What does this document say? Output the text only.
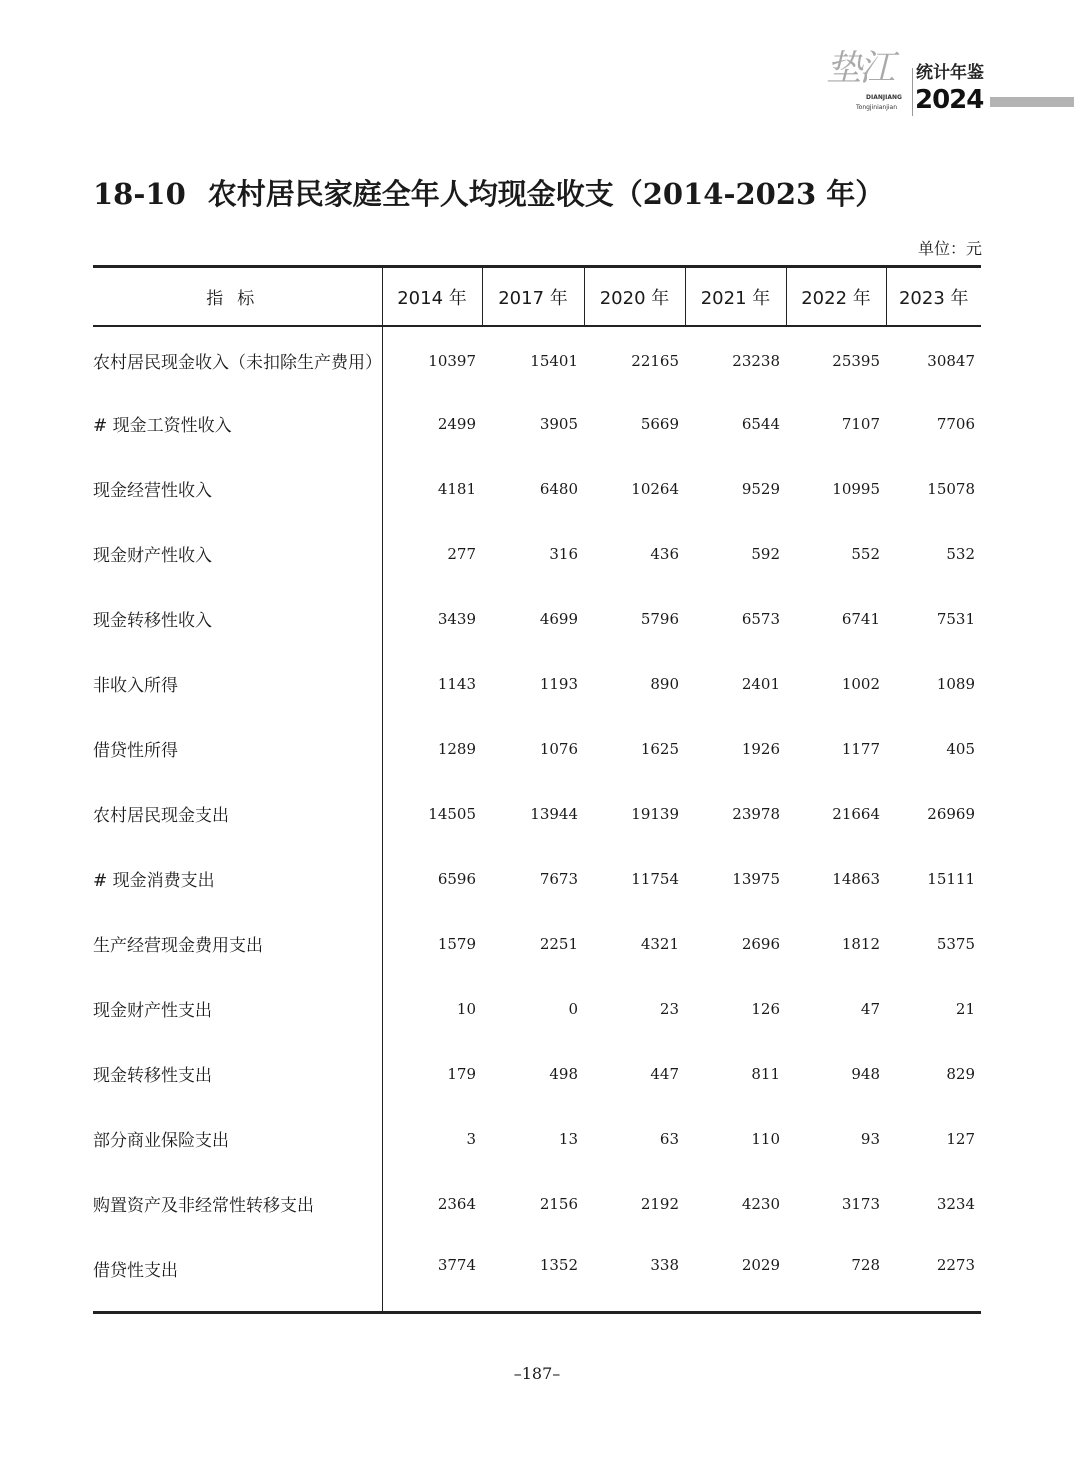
垫江
DIANJIANG
Tongjinianjian
统计年鉴
2024
18-10 农村居民家庭全年人均现金收支（2014-2023 年）
单位：元
指标	2014 年	2017 年	2020 年	2021 年	2022 年	2023 年
农村居民现金收入（未扣除生产费用）	10397	15401	22165	23238	25395	30847
# 现金工资性收入	2499	3905	5669	6544	7107	7706
现金经营性收入	4181	6480	10264	9529	10995	15078
现金财产性收入	277	316	436	592	552	532
现金转移性收入	3439	4699	5796	6573	6741	7531
非收入所得	1143	1193	890	2401	1002	1089
借贷性所得	1289	1076	1625	1926	1177	405
农村居民现金支出	14505	13944	19139	23978	21664	26969
# 现金消费支出	6596	7673	11754	13975	14863	15111
生产经营现金费用支出	1579	2251	4321	2696	1812	5375
现金财产性支出	10	0	23	126	47	21
现金转移性支出	179	498	447	811	948	829
部分商业保险支出	3	13	63	110	93	127
购置资产及非经常性转移支出	2364	2156	2192	4230	3173	3234
借贷性支出	3774	1352	338	2029	728	2273
–187–
